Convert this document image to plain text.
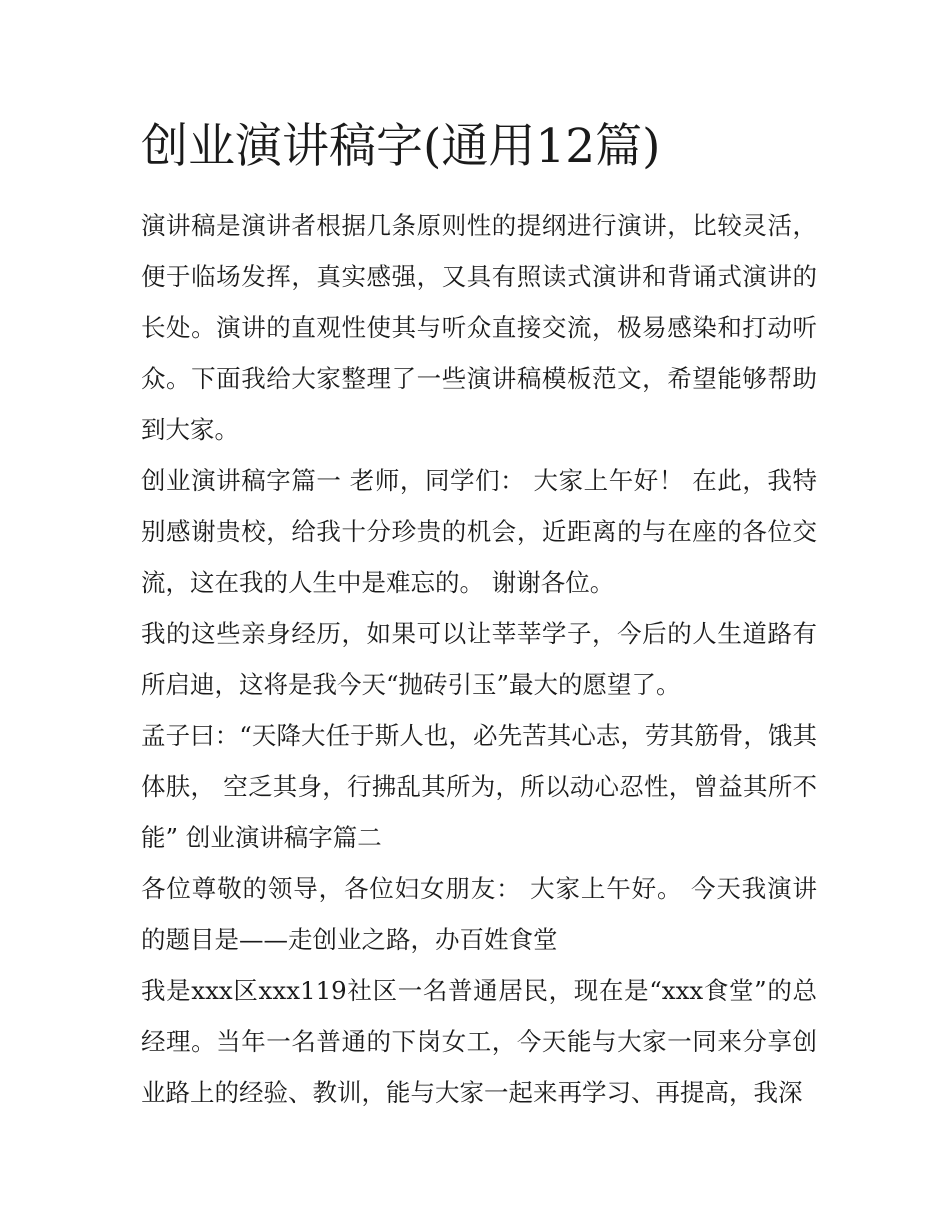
创业演讲稿字(通用12篇)

演讲稿是演讲者根据几条原则性的提纲进行演讲，比较灵活，便于临场发挥，真实感强，又具有照读式演讲和背诵式演讲的长处。演讲的直观性使其与听众直接交流，极易感染和打动听众。下面我给大家整理了一些演讲稿模板范文，希望能够帮助到大家。

创业演讲稿字篇一 老师，同学们： 大家上午好！ 在此，我特别感谢贵校，给我十分珍贵的机会，近距离的与在座的各位交流，这在我的人生中是难忘的。 谢谢各位。

我的这些亲身经历，如果可以让莘莘学子，今后的人生道路有所启迪，这将是我今天“抛砖引玉”最大的愿望了。

孟子曰：“天降大任于斯人也，必先苦其心志，劳其筋骨，饿其体肤， 空乏其身，行拂乱其所为，所以动心忍性，曾益其所不能” 创业演讲稿字篇二

各位尊敬的领导，各位妇女朋友： 大家上午好。 今天我演讲的题目是——走创业之路，办百姓食堂

我是xxx区xxx119社区一名普通居民，现在是“xxx食堂”的总经理。当年一名普通的下岗女工，今天能与大家一同来分享创业路上的经验、教训，能与大家一起来再学习、再提高，我深
